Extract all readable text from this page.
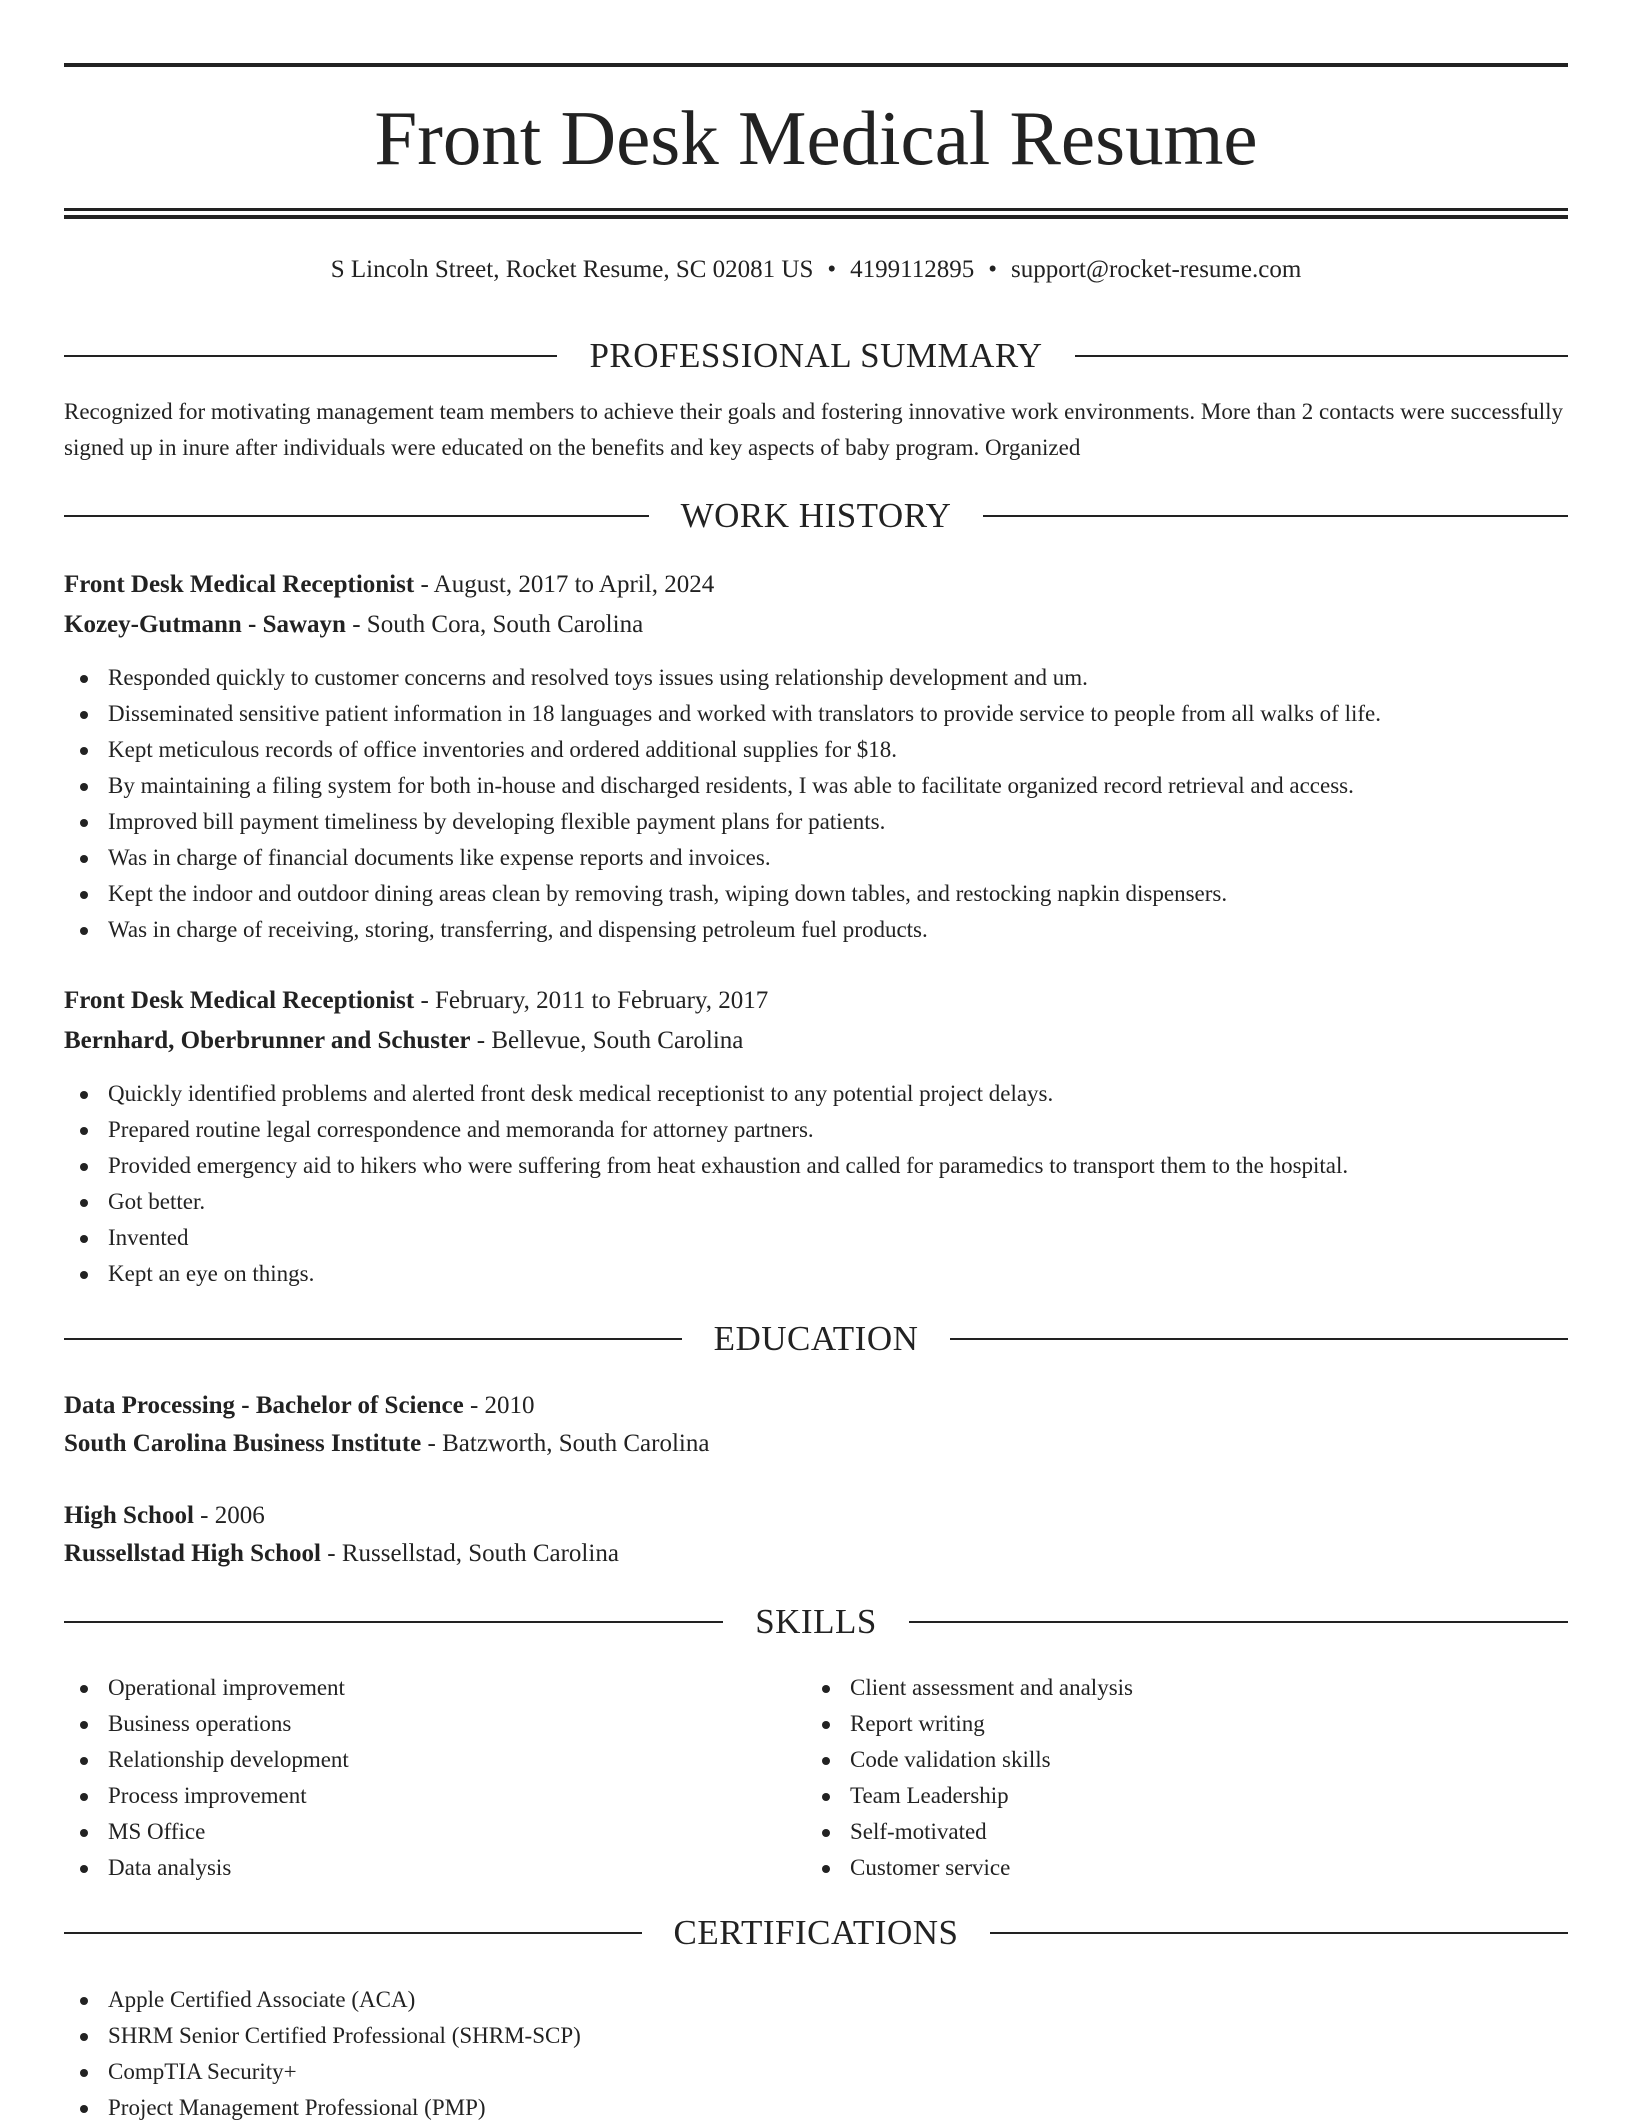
Front Desk Medical Resume
S Lincoln Street, Rocket Resume, SC 02081 US • 4199112895 • support@rocket-resume.com
PROFESSIONAL SUMMARY

Recognized for motivating management team members to achieve their goals and fostering innovative work environments. More than 2 contacts were successfully signed up in inure after individuals were educated on the benefits and key aspects of baby program. Organized

WORK HISTORY
Front Desk Medical Receptionist - August, 2017 to April, 2024
Kozey-Gutmann - Sawayn - South Cora, South Carolina
Responded quickly to customer concerns and resolved toys issues using relationship development and um.
Disseminated sensitive patient information in 18 languages and worked with translators to provide service to people from all walks of life.
Kept meticulous records of office inventories and ordered additional supplies for $18.
By maintaining a filing system for both in-house and discharged residents, I was able to facilitate organized record retrieval and access.
Improved bill payment timeliness by developing flexible payment plans for patients.
Was in charge of financial documents like expense reports and invoices.
Kept the indoor and outdoor dining areas clean by removing trash, wiping down tables, and restocking napkin dispensers.
Was in charge of receiving, storing, transferring, and dispensing petroleum fuel products.
Front Desk Medical Receptionist - February, 2011 to February, 2017
Bernhard, Oberbrunner and Schuster - Bellevue, South Carolina
Quickly identified problems and alerted front desk medical receptionist to any potential project delays.
Prepared routine legal correspondence and memoranda for attorney partners.
Provided emergency aid to hikers who were suffering from heat exhaustion and called for paramedics to transport them to the hospital.
Got better.
Invented
Kept an eye on things.
EDUCATION
Data Processing - Bachelor of Science - 2010
South Carolina Business Institute - Batzworth, South Carolina
High School - 2006
Russellstad High School - Russellstad, South Carolina
SKILLS
Operational improvement
Business operations
Relationship development
Process improvement
MS Office
Data analysis
Client assessment and analysis
Report writing
Code validation skills
Team Leadership
Self-motivated
Customer service
CERTIFICATIONS
Apple Certified Associate (ACA)
SHRM Senior Certified Professional (SHRM-SCP)
CompTIA Security+
Project Management Professional (PMP)
